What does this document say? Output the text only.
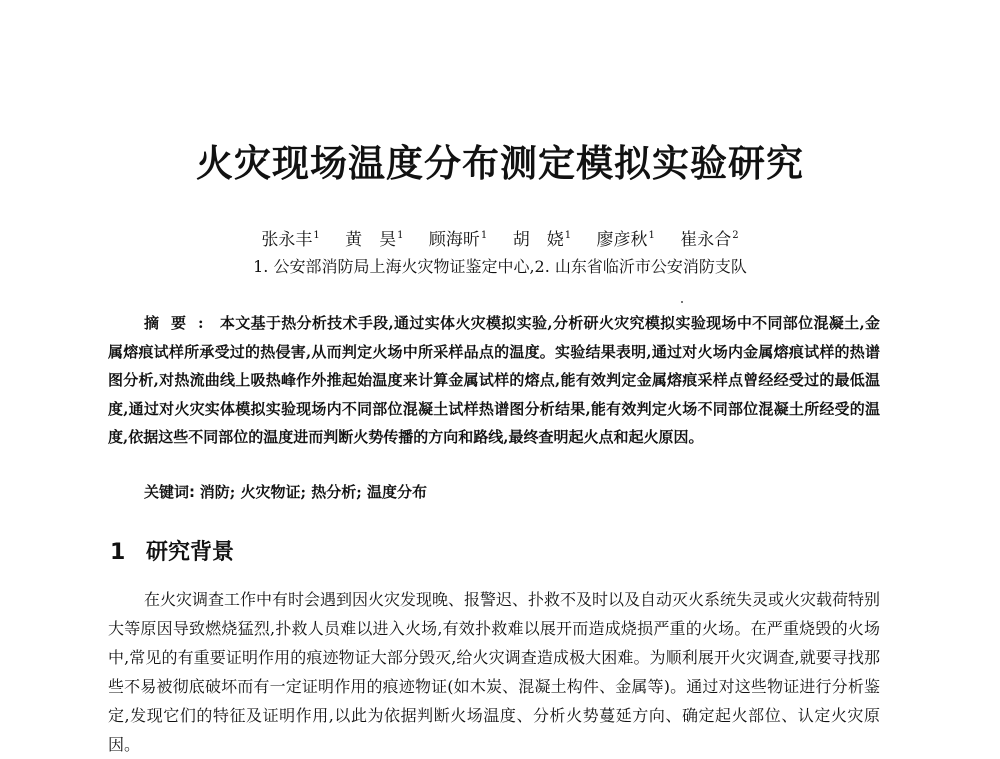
火灾现场温度分布测定模拟实验研究
张永丰$^1$ 黄　昊$^1$ 顾海昕$^1$ 胡　娆$^1$ 廖彦秋$^1$ 崔永合$^2$
1. 公安部消防局上海火灾物证鉴定中心,2. 山东省临沂市公安消防支队

摘要: 本文基于热分析技术手段,通过实体火灾模拟实验,分析研火灾究模拟实验现场中不同部位混凝土,金属熔痕试样所承受过的热侵害,从而判定火场中所采样品点的温度。实验结果表明,通过对火场内金属熔痕试样的热谱图分析,对热流曲线上吸热峰作外推起始温度来计算金属试样的熔点,能有效判定金属熔痕采样点曾经经受过的最低温度,通过对火灾实体模拟实验现场内不同部位混凝土试样热谱图分析结果,能有效判定火场不同部位混凝土所经受的温度,依据这些不同部位的温度进而判断火势传播的方向和路线,最终查明起火点和起火原因。

关键词: 消防; 火灾物证; 热分析; 温度分布
1 研究背景

在火灾调查工作中有时会遇到因火灾发现晚、报警迟、扑救不及时以及自动灭火系统失灵或火灾载荷特别大等原因导致燃烧猛烈,扑救人员难以进入火场,有效扑救难以展开而造成烧损严重的火场。在严重烧毁的火场中,常见的有重要证明作用的痕迹物证大部分毁灭,给火灾调查造成极大困难。为顺利展开火灾调查,就要寻找那些不易被彻底破坏而有一定证明作用的痕迹物证(如木炭、混凝土构件、金属等)。通过对这些物证进行分析鉴定,发现它们的特征及证明作用,以此为依据判断火场温度、分析火势蔓延方向、确定起火部位、认定火灾原因。
